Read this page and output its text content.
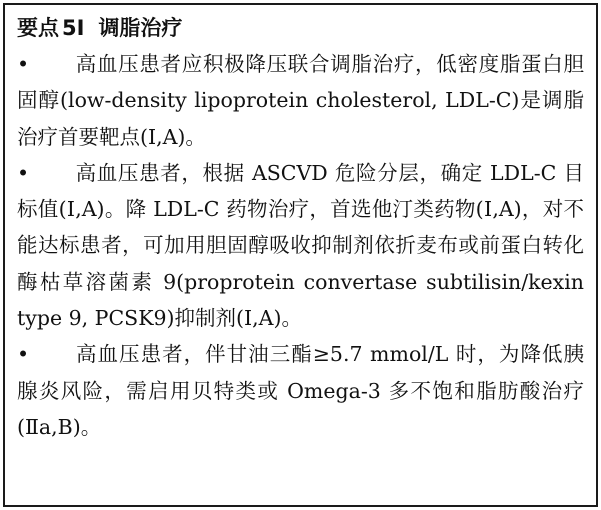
要点 5I 调脂治疗

• 高血压患者应积极降压联合调脂治疗，低密度脂蛋白胆固醇(low-density lipoprotein cholesterol, LDL-C)是调脂治疗首要靶点(Ⅰ,A)。

• 高血压患者，根据 ASCVD 危险分层，确定 LDL-C 目标值(Ⅰ,A)。降 LDL-C 药物治疗，首选他汀类药物(Ⅰ,A)，对不能达标患者，可加用胆固醇吸收抑制剂依折麦布或前蛋白转化酶枯草溶菌素 9(proprotein convertase subtilisin/kexin type 9, PCSK9)抑制剂(Ⅰ,A)。

• 高血压患者，伴甘油三酯≥5.7 mmol/L 时，为降低胰腺炎风险，需启用贝特类或 Omega-3 多不饱和脂肪酸治疗(Ⅱa,B)。
